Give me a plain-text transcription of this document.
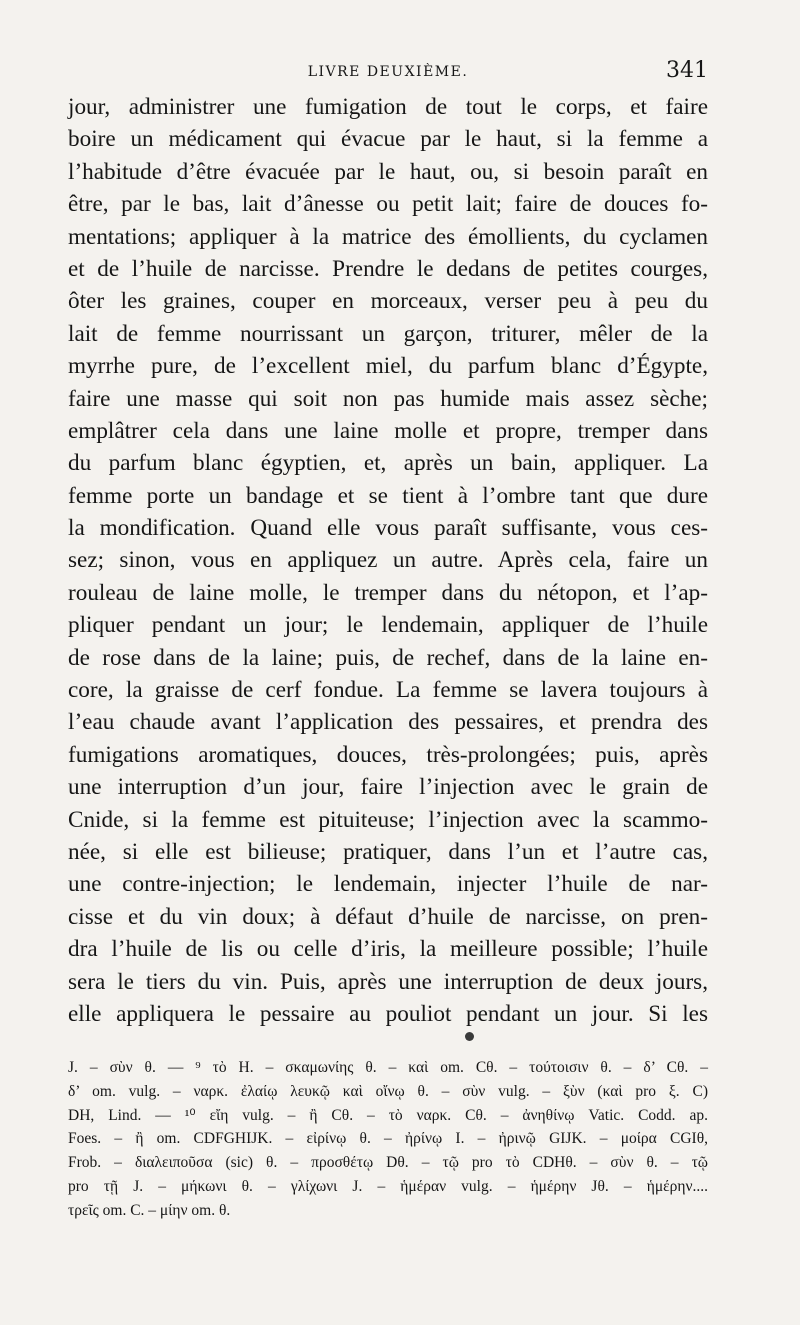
LIVRE DEUXIÈME.	341
jour, administrer une fumigation de tout le corps, et faire
boire un médicament qui évacue par le haut, si la femme a
l’habitude d’être évacuée par le haut, ou, si besoin paraît en
être, par le bas, lait d’ânesse ou petit lait; faire de douces fo-
mentations; appliquer à la matrice des émollients, du cyclamen
et de l’huile de narcisse. Prendre le dedans de petites courges,
ôter les graines, couper en morceaux, verser peu à peu du
lait de femme nourrissant un garçon, triturer, mêler de la
myrrhe pure, de l’excellent miel, du parfum blanc d’Égypte,
faire une masse qui soit non pas humide mais assez sèche;
emplâtrer cela dans une laine molle et propre, tremper dans
du parfum blanc égyptien, et, après un bain, appliquer. La
femme porte un bandage et se tient à l’ombre tant que dure
la mondification. Quand elle vous paraît suffisante, vous ces-
sez; sinon, vous en appliquez un autre. Après cela, faire un
rouleau de laine molle, le tremper dans du nétopon, et l’ap-
pliquer pendant un jour; le lendemain, appliquer de l’huile
de rose dans de la laine; puis, de rechef, dans de la laine en-
core, la graisse de cerf fondue. La femme se lavera toujours à
l’eau chaude avant l’application des pessaires, et prendra des
fumigations aromatiques, douces, très-prolongées; puis, après
une interruption d’un jour, faire l’injection avec le grain de
Cnide, si la femme est pituiteuse; l’injection avec la scammo-
née, si elle est bilieuse; pratiquer, dans l’un et l’autre cas,
une contre-injection; le lendemain, injecter l’huile de nar-
cisse et du vin doux; à défaut d’huile de narcisse, on pren-
dra l’huile de lis ou celle d’iris, la meilleure possible; l’huile
sera le tiers du vin. Puis, après une interruption de deux jours,
elle appliquera le pessaire au pouliot pendant un jour. Si les
J. – σὺν θ. — ⁹ τὸ H. – σκαμωνίης θ. – καὶ om. Cθ. – τούτοισιν θ. – δ’ Cθ. –
δ’ om. vulg. – ναρκ. ἐλαίῳ λευκῷ καὶ οἴνῳ θ. – σὺν vulg. – ξὺν (καὶ pro ξ. C)
DH, Lind. — ¹⁰ εἴη vulg. – ἢ Cθ. – τὸ ναρκ. Cθ. – ἀνηθίνῳ Vatic. Codd. ap.
Foes. – ἢ om. CDFGHIJK. – εἰρίνῳ θ. – ἠρίνῳ I. – ἠρινῷ GIJK. – μοίρα CGIθ,
Frob. – διαλειποῦσα (sic) θ. – προσθέτῳ Dθ. – τῷ pro τὸ CDHθ. – σὺν θ. – τῷ
pro τῇ J. – μήκωνι θ. – γλίχωνι J. – ἡμέραν vulg. – ἡμέρην Jθ. – ἡμέρην....
τρεῖς om. C. – μίην om. θ.
